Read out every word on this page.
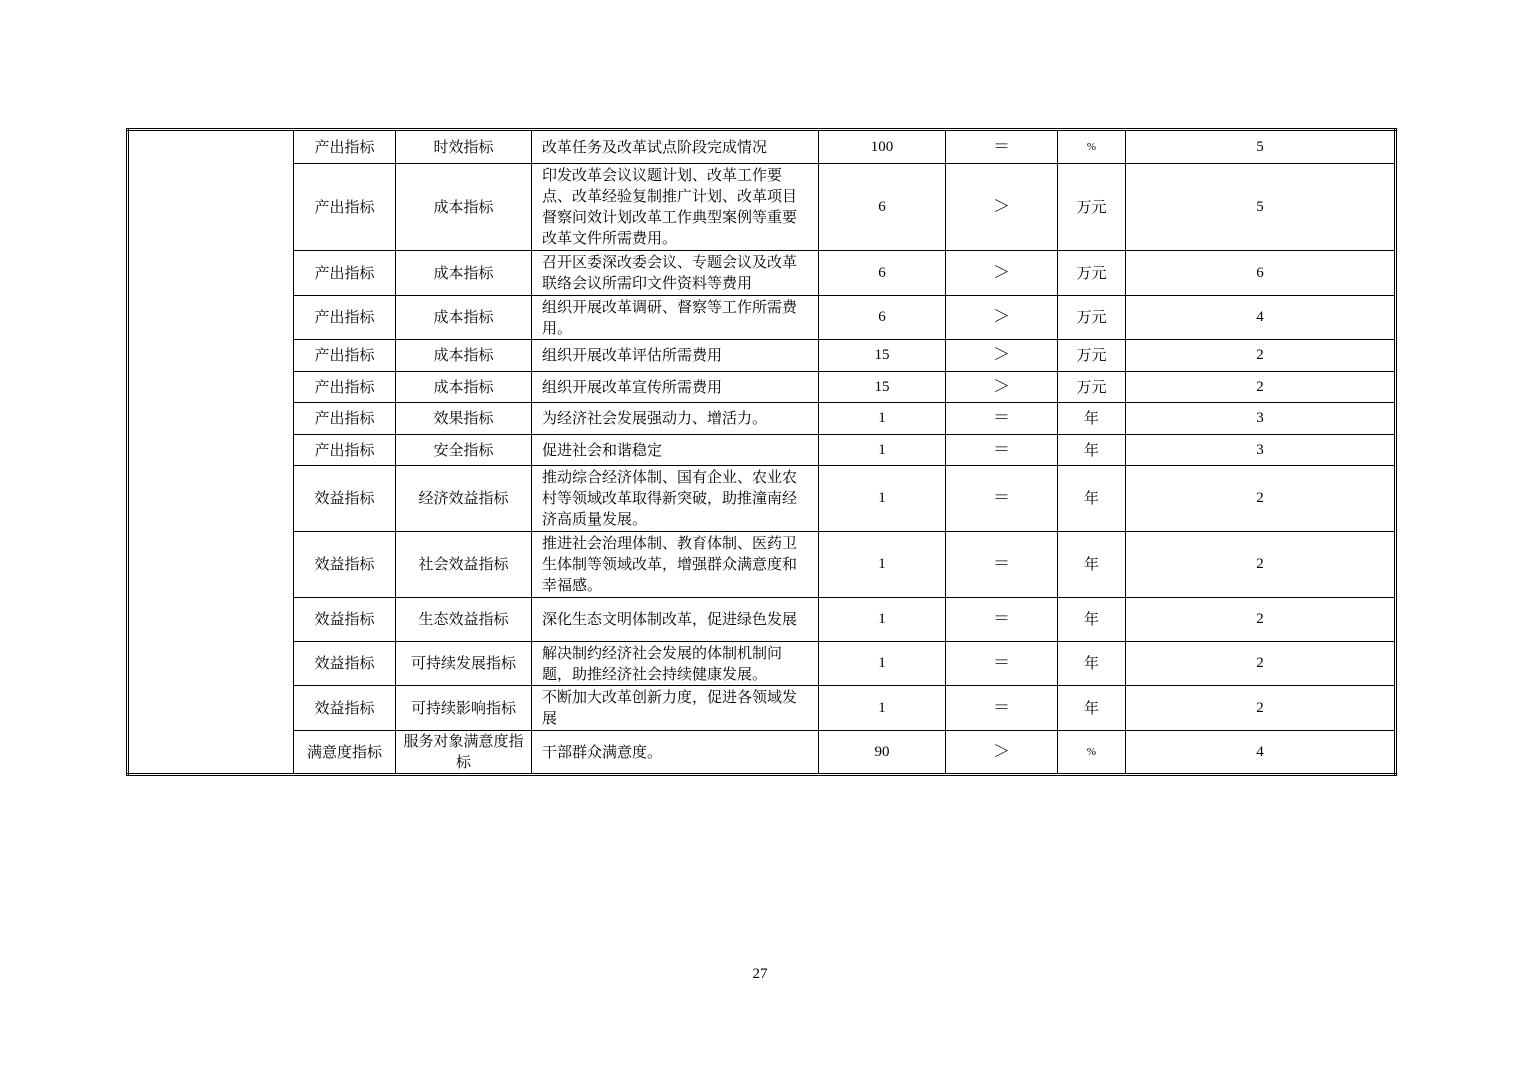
	产出指标	时效指标	改革任务及改革试点阶段完成情况	100	＝	%	5
	产出指标	成本指标	印发改革会议议题计划、改革工作要点、改革经验复制推广计划、改革项目督察问效计划改革工作典型案例等重要改革文件所需费用。	6	＞	万元	5
	产出指标	成本指标	召开区委深改委会议、专题会议及改革联络会议所需印文件资料等费用	6	＞	万元	6
	产出指标	成本指标	组织开展改革调研、督察等工作所需费用。	6	＞	万元	4
	产出指标	成本指标	组织开展改革评估所需费用	15	＞	万元	2
	产出指标	成本指标	组织开展改革宣传所需费用	15	＞	万元	2
	产出指标	效果指标	为经济社会发展强动力、增活力。	1	＝	年	3
	产出指标	安全指标	促进社会和谐稳定	1	＝	年	3
	效益指标	经济效益指标	推动综合经济体制、国有企业、农业农村等领域改革取得新突破，助推潼南经济高质量发展。	1	＝	年	2
	效益指标	社会效益指标	推进社会治理体制、教育体制、医药卫生体制等领域改革，增强群众满意度和幸福感。	1	＝	年	2
	效益指标	生态效益指标	深化生态文明体制改革，促进绿色发展	1	＝	年	2
	效益指标	可持续发展指标	解决制约经济社会发展的体制机制问题，助推经济社会持续健康发展。	1	＝	年	2
	效益指标	可持续影响指标	不断加大改革创新力度，促进各领域发展	1	＝	年	2
	满意度指标	服务对象满意度指标	干部群众满意度。	90	＞	%	4
27
